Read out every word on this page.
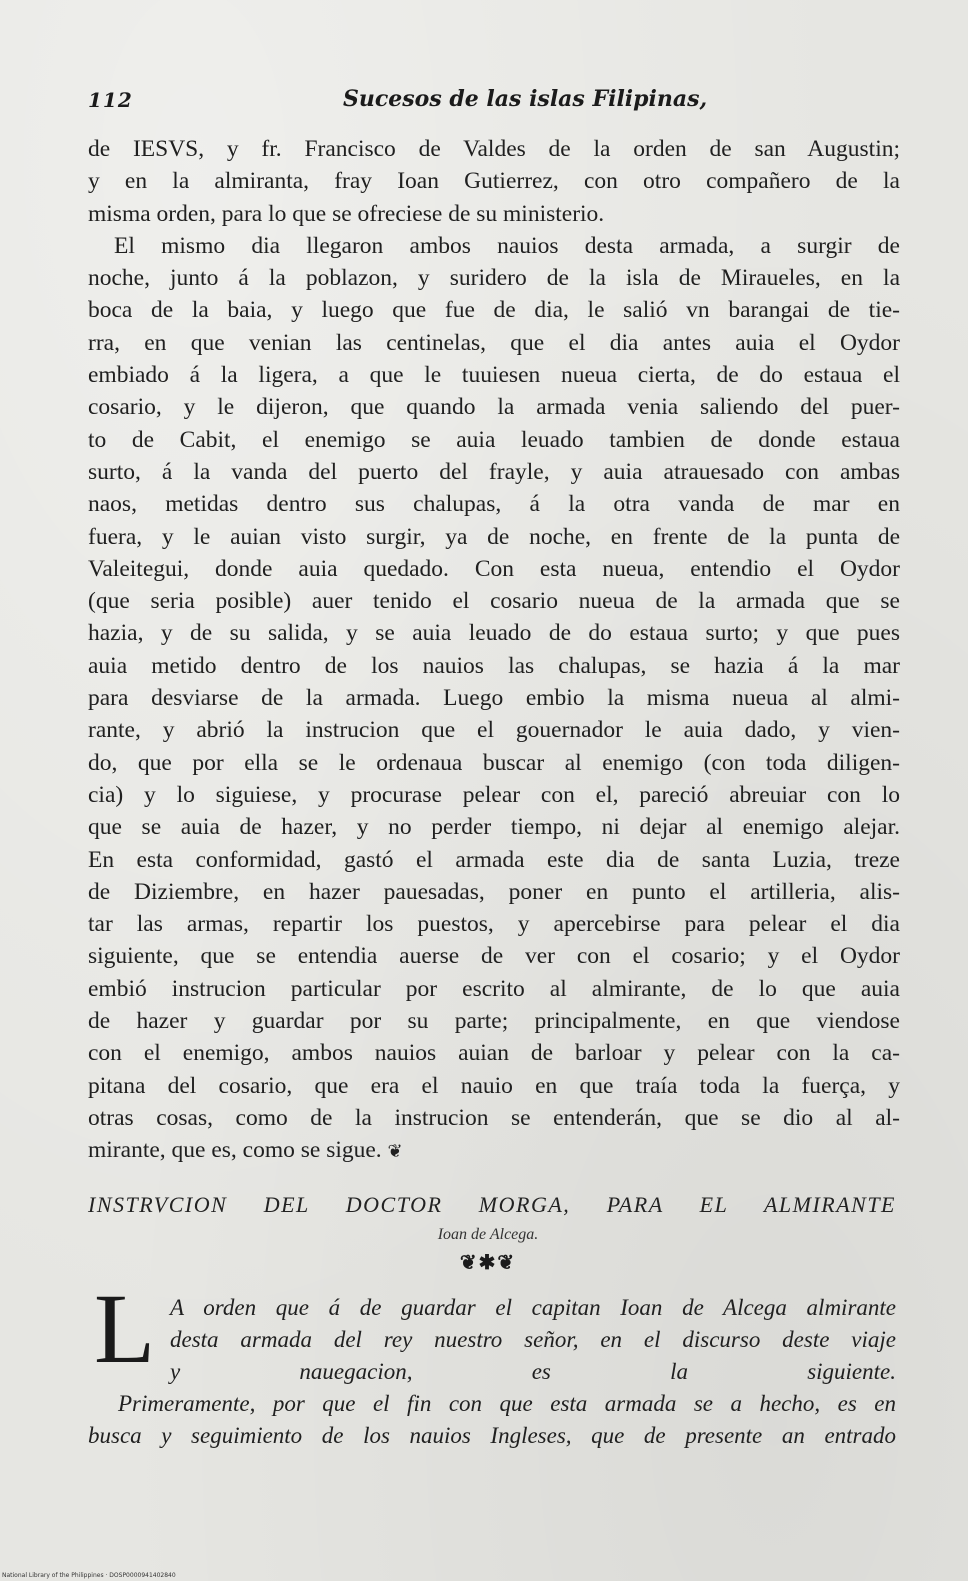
112	Sucesos de las islas Filipinas,
de IESVS, y fr. Francisco de Valdes de la orden de san Augustin;
y en la almiranta, fray Ioan Gutierrez, con otro compañero de la
misma orden, para lo que se ofreciese de su ministerio.
El mismo dia llegaron ambos nauios desta armada, a surgir de
noche, junto á la poblazon, y suridero de la isla de Miraueles, en la
boca de la baia, y luego que fue de dia, le salió vn barangai de tie-
rra, en que venian las centinelas, que el dia antes auia el Oydor
embiado á la ligera, a que le tuuiesen nueua cierta, de do estaua el
cosario, y le dijeron, que quando la armada venia saliendo del puer-
to de Cabit, el enemigo se auia leuado tambien de donde estaua
surto, á la vanda del puerto del frayle, y auia atrauesado con ambas
naos, metidas dentro sus chalupas, á la otra vanda de mar en
fuera, y le auian visto surgir, ya de noche, en frente de la punta de
Valeitegui, donde auia quedado. Con esta nueua, entendio el Oydor
(que seria posible) auer tenido el cosario nueua de la armada que se
hazia, y de su salida, y se auia leuado de do estaua surto; y que pues
auia metido dentro de los nauios las chalupas, se hazia á la mar
para desviarse de la armada. Luego embio la misma nueua al almi-
rante, y abrió la instrucion que el gouernador le auia dado, y vien-
do, que por ella se le ordenaua buscar al enemigo (con toda diligen-
cia) y lo siguiese, y procurase pelear con el, pareció abreuiar con lo
que se auia de hazer, y no perder tiempo, ni dejar al enemigo alejar.
En esta conformidad, gastó el armada este dia de santa Luzia, treze
de Diziembre, en hazer pauesadas, poner en punto el artilleria, alis-
tar las armas, repartir los puestos, y apercebirse para pelear el dia
siguiente, que se entendia auerse de ver con el cosario; y el Oydor
embió instrucion particular por escrito al almirante, de lo que auia
de hazer y guardar por su parte; principalmente, en que viendose
con el enemigo, ambos nauios auian de barloar y pelear con la ca-
pitana del cosario, que era el nauio en que traía toda la fuerça, y
otras cosas, como de la instrucion se entenderán, que se dio al al-
mirante, que es, como se sigue. ❦
INSTRVCION DEL DOCTOR MORGA, PARA EL ALMIRANTE
Ioan de Alcega.
❦✱❦
L A orden que á de guardar el capitan Ioan de Alcega almirante
desta armada del rey nuestro señor, en el discurso deste viaje
y nauegacion, es la siguiente.
Primeramente, por que el fin con que esta armada se a hecho, es en
busca y seguimiento de los nauios Ingleses, que de presente an entrado
National Library of the Philippines · DOSP0000941402840
